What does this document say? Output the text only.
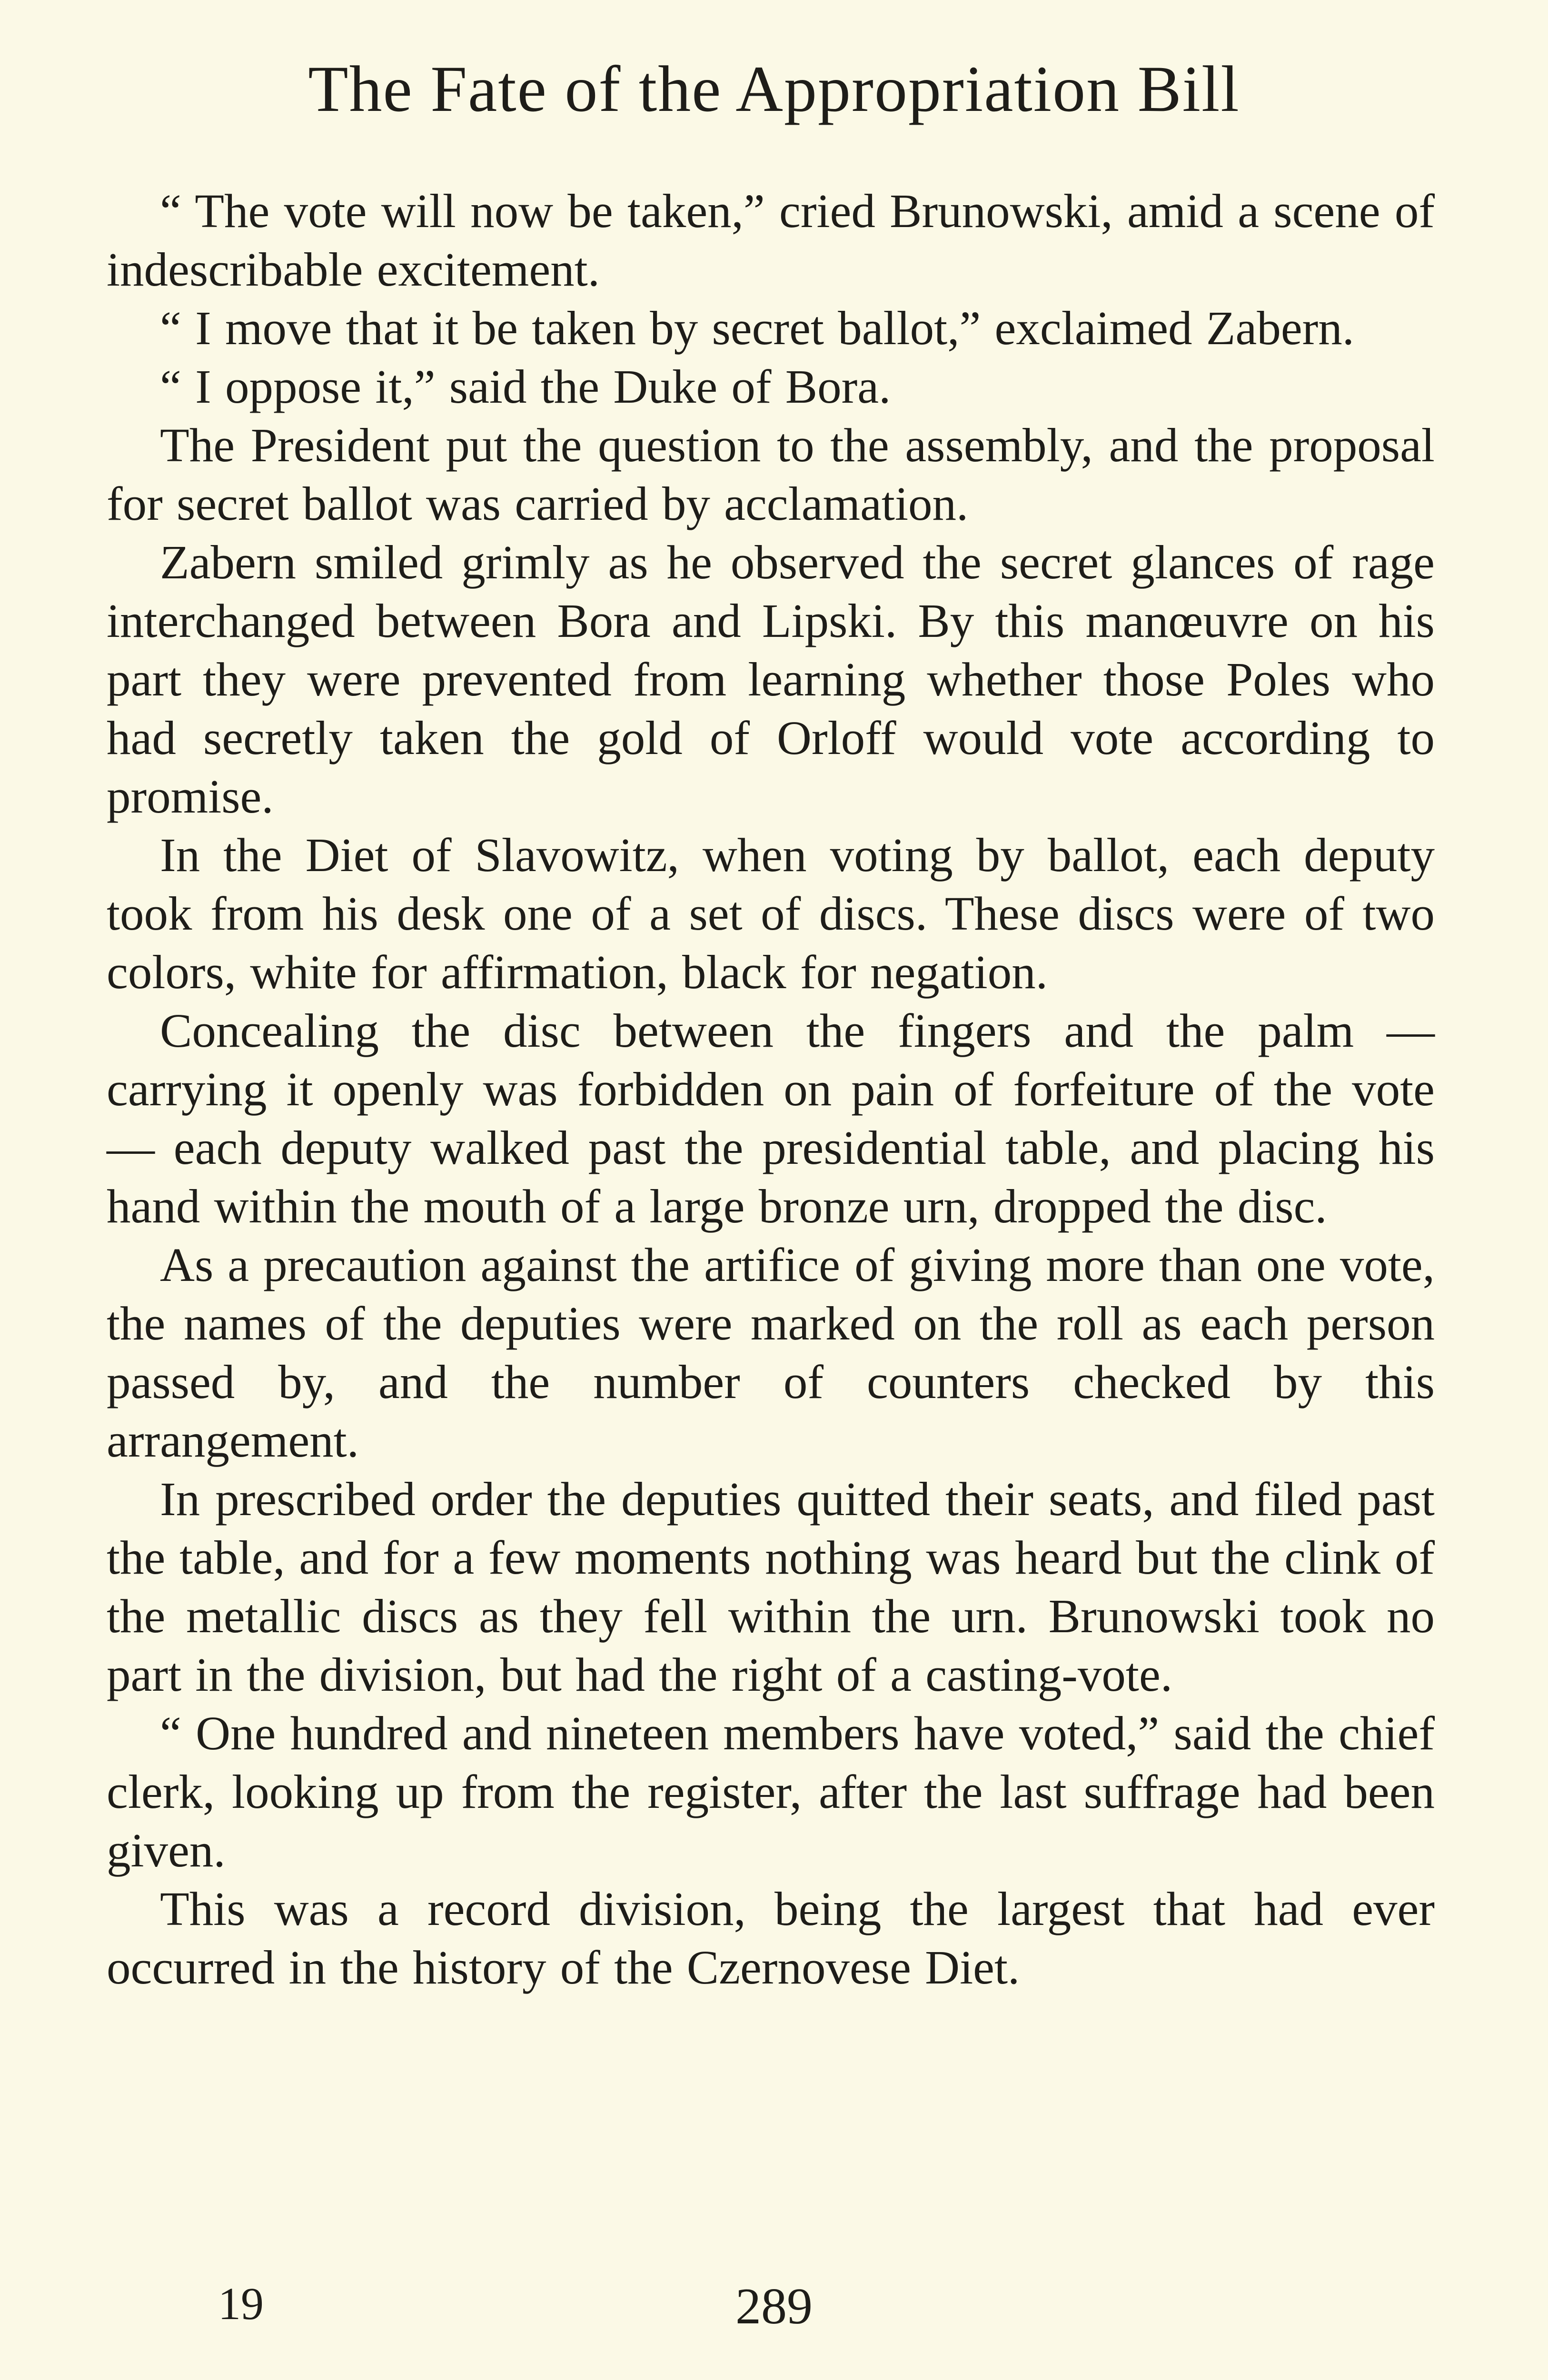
The Fate of the Appropriation Bill

“ The vote will now be taken,” cried Brunowski, amid a scene of indescribable excitement.

“ I move that it be taken by secret ballot,” exclaimed Zabern.

“ I oppose it,” said the Duke of Bora.

The President put the question to the assembly, and the proposal for secret ballot was carried by acclamation.

Zabern smiled grimly as he observed the secret glances of rage interchanged between Bora and Lipski. By this manœuvre on his part they were prevented from learning whether those Poles who had secretly taken the gold of Orloff would vote according to promise.

In the Diet of Slavowitz, when voting by ballot, each deputy took from his desk one of a set of discs. These discs were of two colors, white for affirmation, black for negation.

Concealing the disc between the fingers and the palm — carrying it openly was forbidden on pain of forfeiture of the vote — each deputy walked past the presidential table, and placing his hand within the mouth of a large bronze urn, dropped the disc.

As a precaution against the artifice of giving more than one vote, the names of the deputies were marked on the roll as each person passed by, and the number of counters checked by this arrangement.

In prescribed order the deputies quitted their seats, and filed past the table, and for a few moments nothing was heard but the clink of the metallic discs as they fell within the urn. Brunowski took no part in the division, but had the right of a casting-vote.

“ One hundred and nineteen members have voted,” said the chief clerk, looking up from the register, after the last suffrage had been given.

This was a record division, being the largest that had ever occurred in the history of the Czernovese Diet.

19	289
